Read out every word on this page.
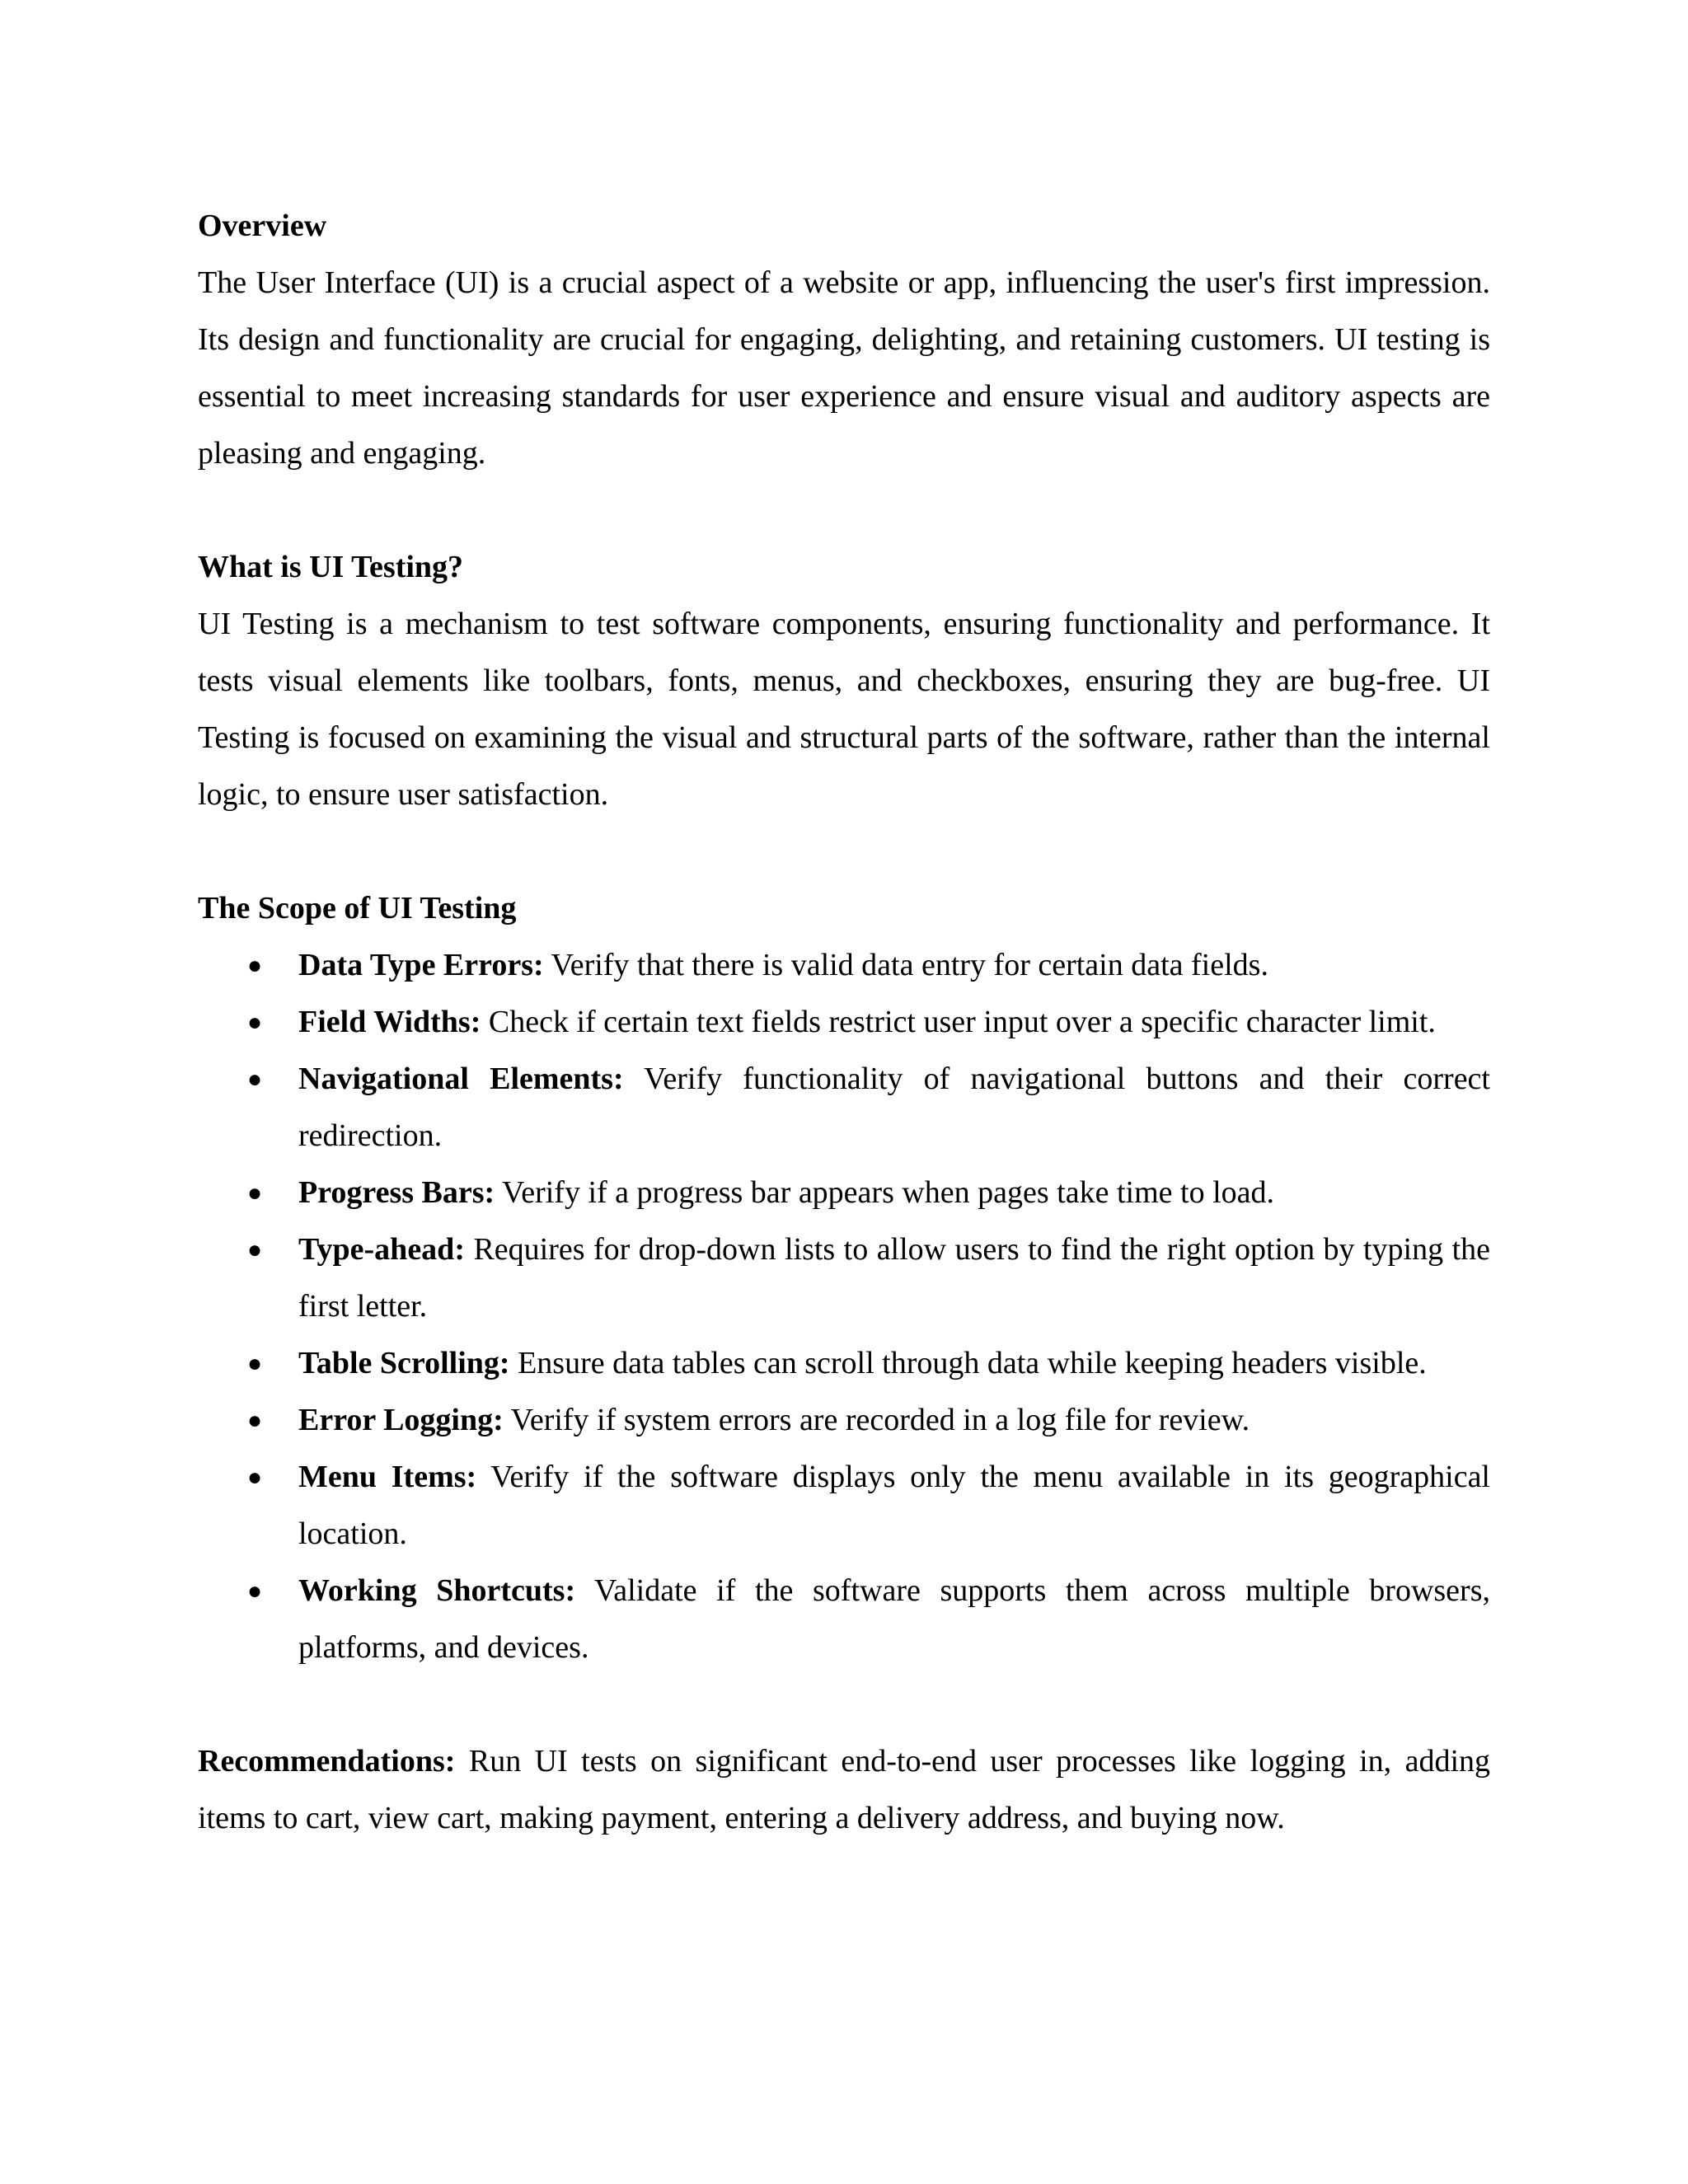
Overview

The User Interface (UI) is a crucial aspect of a website or app, influencing the user's first impression. Its design and functionality are crucial for engaging, delighting, and retaining customers. UI testing is essential to meet increasing standards for user experience and ensure visual and auditory aspects are pleasing and engaging.

What is UI Testing?

UI Testing is a mechanism to test software components, ensuring functionality and performance. It tests visual elements like toolbars, fonts, menus, and checkboxes, ensuring they are bug-free. UI Testing is focused on examining the visual and structural parts of the software, rather than the internal logic, to ensure user satisfaction.

The Scope of UI Testing

● Data Type Errors: Verify that there is valid data entry for certain data fields.
● Field Widths: Check if certain text fields restrict user input over a specific character limit.
● Navigational Elements: Verify functionality of navigational buttons and their correct redirection.
● Progress Bars: Verify if a progress bar appears when pages take time to load.
● Type-ahead: Requires for drop-down lists to allow users to find the right option by typing the first letter.
● Table Scrolling: Ensure data tables can scroll through data while keeping headers visible.
● Error Logging: Verify if system errors are recorded in a log file for review.
● Menu Items: Verify if the software displays only the menu available in its geographical location.
● Working Shortcuts: Validate if the software supports them across multiple browsers, platforms, and devices.

Recommendations: Run UI tests on significant end-to-end user processes like logging in, adding items to cart, view cart, making payment, entering a delivery address, and buying now.
